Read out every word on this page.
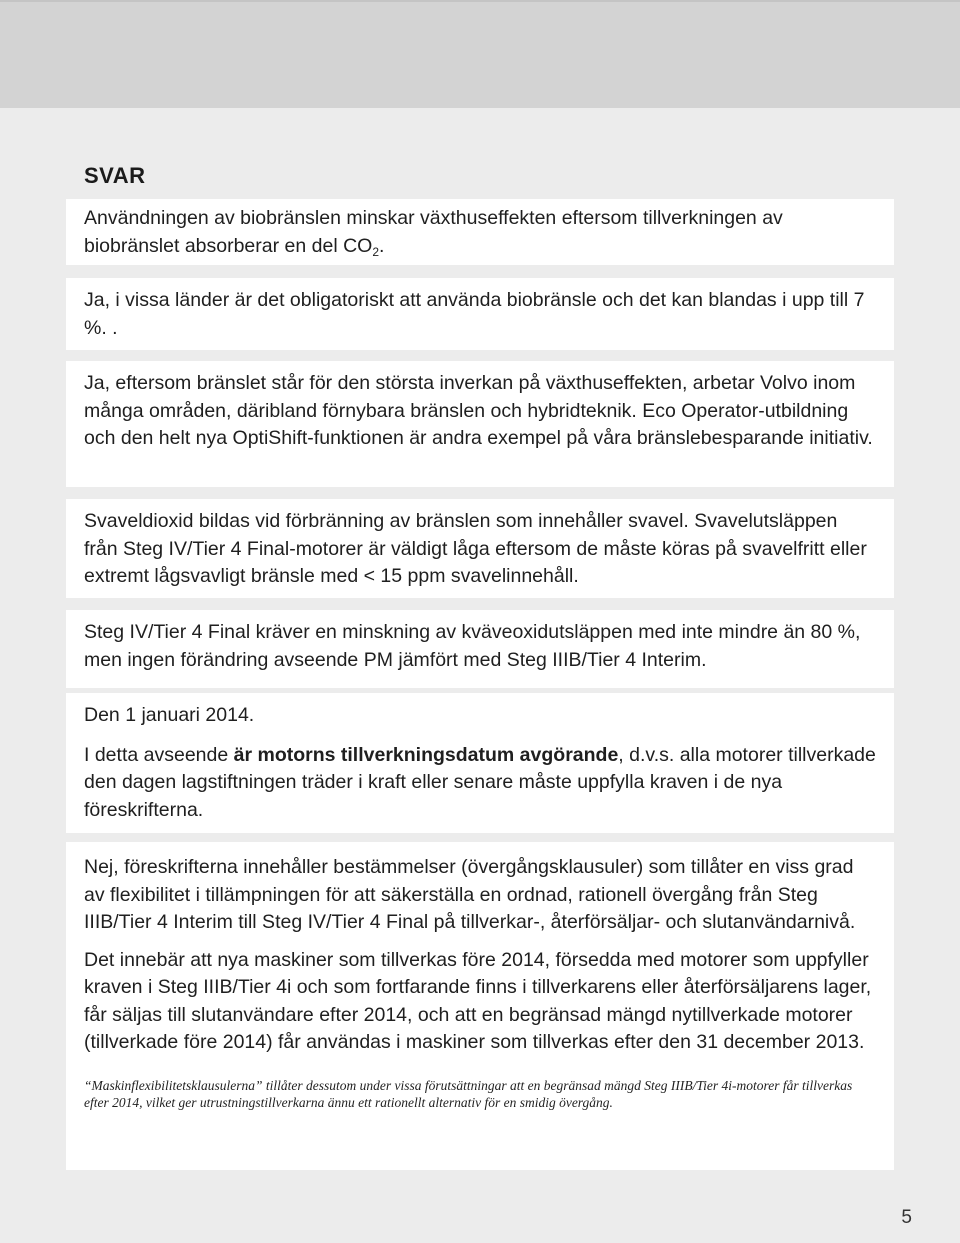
SVAR

Användningen av biobränslen minskar växthuseffekten eftersom tillverkningen av biobränslet absorberar en del $CO_2$.

Ja, i vissa länder är det obligatoriskt att använda biobränsle och det kan blandas i upp till 7 %. .

Ja, eftersom bränslet står för den största inverkan på växthuseffekten, arbetar Volvo inom många områden, däribland förnybara bränslen och hybridteknik. Eco Operator-utbildning och den helt nya OptiShift-funktionen är andra exempel på våra bränslebesparande initiativ.

Svaveldioxid bildas vid förbränning av bränslen som innehåller svavel. Svavelutsläppen från Steg IV/Tier 4 Final-motorer är väldigt låga eftersom de måste köras på svavelfritt eller extremt lågsvavligt bränsle med < 15 ppm svavelinnehåll.

Steg IV/Tier 4 Final kräver en minskning av kväveoxidutsläppen med inte mindre än 80 %, men ingen förändring avseende PM jämfört med Steg IIIB/Tier 4 Interim.

Den 1 januari 2014.

I detta avseende är motorns tillverkningsdatum avgörande, d.v.s. alla motorer tillverkade den dagen lagstiftningen träder i kraft eller senare måste uppfylla kraven i de nya föreskrifterna.

Nej, föreskrifterna innehåller bestämmelser (övergångsklausuler) som tillåter en viss grad av flexibilitet i tillämpningen för att säkerställa en ordnad, rationell övergång från Steg IIIB/Tier 4 Interim till Steg IV/Tier 4 Final på tillverkar-, återförsäljar- och slutanvändarnivå.

Det innebär att nya maskiner som tillverkas före 2014, försedda med motorer som uppfyller kraven i Steg IIIB/Tier 4i och som fortfarande finns i tillverkarens eller återförsäljarens lager, får säljas till slutanvändare efter 2014, och att en begränsad mängd nytillverkade motorer (tillverkade före 2014) får användas i maskiner som tillverkas efter den 31 december 2013.

“Maskinflexibilitetsklausulerna” tillåter dessutom under vissa förutsättningar att en begränsad mängd Steg IIIB/Tier 4i-motorer får tillverkas efter 2014, vilket ger utrustningstillverkarna ännu ett rationellt alternativ för en smidig övergång.

5
